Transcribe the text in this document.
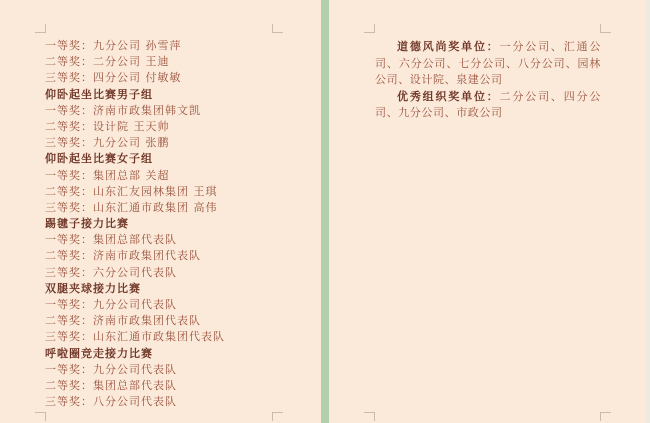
一等奖：九分公司 孙雪萍
二等奖：二分公司 王迪
三等奖：四分公司 付敏敏
仰卧起坐比赛男子组
一等奖：济南市政集团韩文凯
二等奖：设计院 王天帅
三等奖：九分公司 张鹏
仰卧起坐比赛女子组
一等奖：集团总部 关超
二等奖：山东汇友园林集团 王琪
三等奖：山东汇通市政集团 高伟
踢毽子接力比赛
一等奖：集团总部代表队
二等奖：济南市政集团代表队
三等奖：六分公司代表队
双腿夹球接力比赛
一等奖：九分公司代表队
二等奖：济南市政集团代表队
三等奖：山东汇通市政集团代表队
呼啦圈竞走接力比赛
一等奖：九分公司代表队
二等奖：集团总部代表队
三等奖：八分公司代表队

道德风尚奖单位：一分公司、汇通公司、六分公司、七分公司、八分公司、园林公司、设计院、泉建公司

优秀组织奖单位：二分公司、四分公司、九分公司、市政公司
